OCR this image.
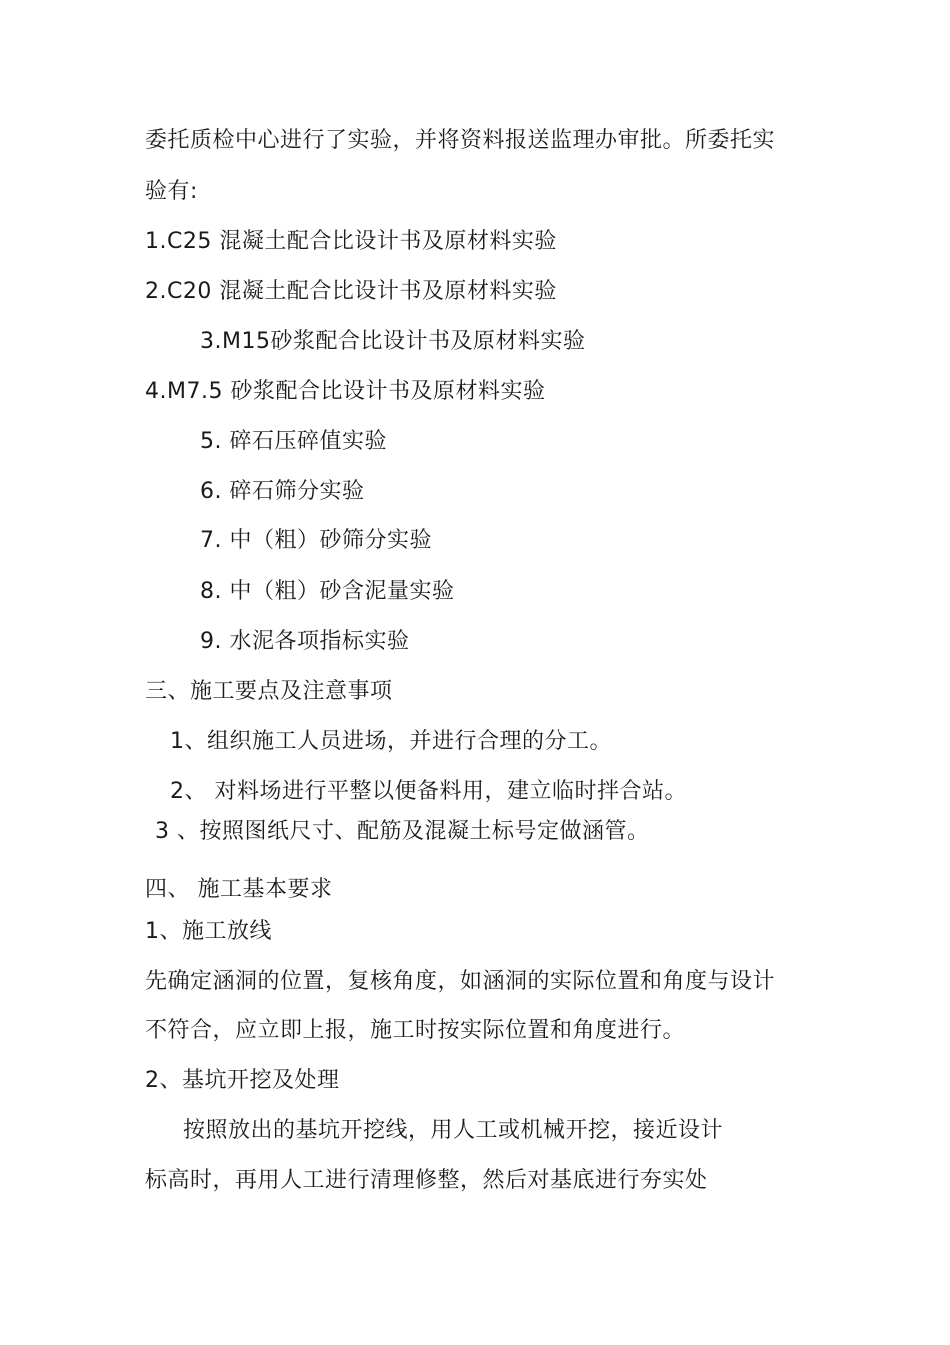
委托质检中心进行了实验，并将资料报送监理办审批。所委托实
验有:
1.C25 混凝土配合比设计书及原材料实验
2.C20 混凝土配合比设计书及原材料实验
3.M15砂浆配合比设计书及原材料实验
4.M7.5 砂浆配合比设计书及原材料实验
5. 碎石压碎值实验
6. 碎石筛分实验
7. 中（粗）砂筛分实验
8. 中（粗）砂含泥量实验
9. 水泥各项指标实验
三、施工要点及注意事项
1、组织施工人员进场，并进行合理的分工。
2、 对料场进行平整以便备料用，建立临时拌合站。
3 、按照图纸尺寸、配筋及混凝土标号定做涵管。
四、 施工基本要求
1、施工放线
先确定涵洞的位置，复核角度，如涵洞的实际位置和角度与设计
不符合，应立即上报，施工时按实际位置和角度进行。
2、基坑开挖及处理
按照放出的基坑开挖线，用人工或机械开挖，接近设计
标高时，再用人工进行清理修整，然后对基底进行夯实处
